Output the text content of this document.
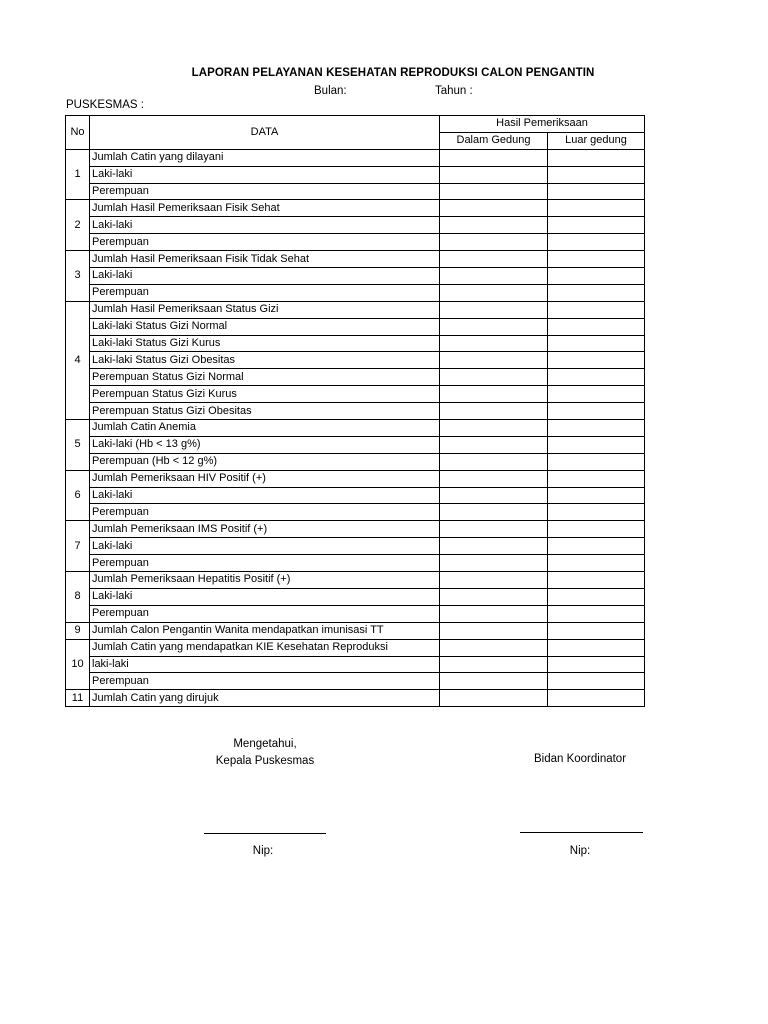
LAPORAN PELAYANAN KESEHATAN REPRODUKSI CALON PENGANTIN
Bulan:	Tahun :
PUSKESMAS :
No	DATA	Hasil Pemeriksaan	
		Dalam Gedung	Luar gedung
1	Jumlah Catin yang dilayani		
	Laki-laki		
	Perempuan		
2	Jumlah Hasil Pemeriksaan Fisik Sehat		
	Laki-laki		
	Perempuan		
3	Jumlah Hasil Pemeriksaan Fisik Tidak Sehat		
	Laki-laki		
	Perempuan		
4	Jumlah Hasil Pemeriksaan Status Gizi		
	Laki-laki Status Gizi Normal		
	Laki-laki Status Gizi Kurus		
	Laki-laki Status Gizi Obesitas		
	Perempuan Status Gizi Normal		
	Perempuan Status Gizi Kurus		
	Perempuan Status Gizi Obesitas		
5	Jumlah Catin Anemia		
	Laki-laki (Hb < 13 g%)		
	Perempuan (Hb < 12 g%)		
6	Jumlah Pemeriksaan HIV Positif (+)		
	Laki-laki		
	Perempuan		
7	Jumlah Pemeriksaan IMS Positif (+)		
	Laki-laki		
	Perempuan		
8	Jumlah Pemeriksaan Hepatitis Positif (+)		
	Laki-laki		
	Perempuan		
9	Jumlah Calon Pengantin Wanita mendapatkan imunisasi TT		
10	Jumlah Catin yang mendapatkan KIE Kesehatan Reproduksi		
	laki-laki		
	Perempuan		
11	Jumlah Catin yang dirujuk		
Mengetahui,
Kepala Puskesmas	Bidan Koordinator
Nip:	Nip:
